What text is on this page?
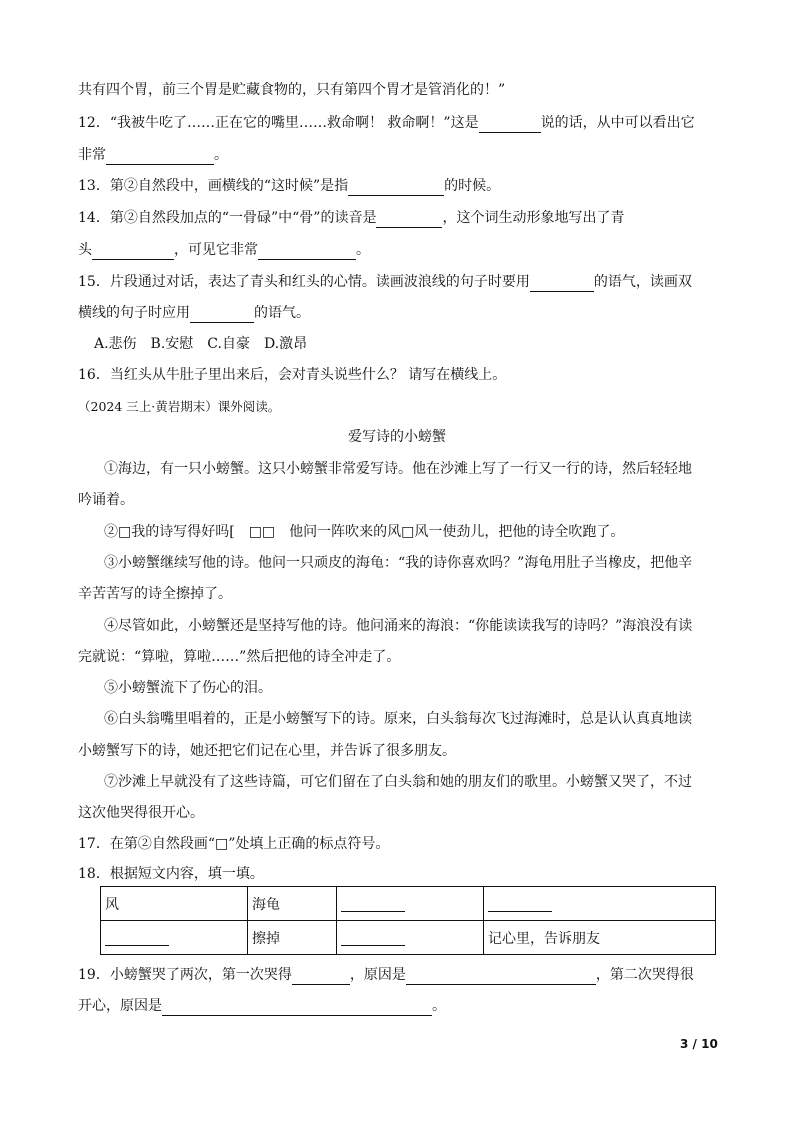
共有四个胃，前三个胃是贮藏食物的，只有第四个胃才是管消化的！”
12．“我被牛吃了……正在它的嘴里……救命啊！ 救命啊！”这是	说的话，从中可以看出它
非常	。
13．第②自然段中，画横线的“这时候”是指	的时候。
14．第②自然段加点的“一骨碌”中“骨”的读音是	，这个词生动形象地写出了青
头	，可见它非常	。
15．片段通过对话，表达了青头和红头的心情。读画波浪线的句子时要用	的语气，读画双
横线的句子时应用	的语气。
A.悲伤　B.安慰　C.自豪　D.激昂
16．当红头从牛肚子里出来后，会对青头说些什么？ 请写在横线上。
（2024 三上·黄岩期末）课外阅读。
爱写诗的小螃蟹
①海边，有一只小螃蟹。这只小螃蟹非常爱写诗。他在沙滩上写了一行又一行的诗，然后轻轻地
吟诵着。
②□我的诗写得好吗[　□□　他问一阵吹来的风□风一使劲儿，把他的诗全吹跑了。
③小螃蟹继续写他的诗。他问一只顽皮的海龟：“我的诗你喜欢吗？”海龟用肚子当橡皮，把他辛
辛苦苦写的诗全擦掉了。
④尽管如此，小螃蟹还是坚持写他的诗。他问涌来的海浪：“你能读读我写的诗吗？”海浪没有读
完就说：“算啦，算啦……”然后把他的诗全冲走了。
⑤小螃蟹流下了伤心的泪。
⑥白头翁嘴里唱着的，正是小螃蟹写下的诗。原来，白头翁每次飞过海滩时，总是认认真真地读
小螃蟹写下的诗，她还把它们记在心里，并告诉了很多朋友。
⑦沙滩上早就没有了这些诗篇，可它们留在了白头翁和她的朋友们的歌里。小螃蟹又哭了，不过
这次他哭得很开心。
17．在第②自然段画“□”处填上正确的标点符号。
18．根据短文内容，填一填。
风	海龟		
	擦掉		记心里，告诉朋友
19．小螃蟹哭了两次，第一次哭得	，原因是	，第二次哭得很
开心，原因是	。
3 / 10
